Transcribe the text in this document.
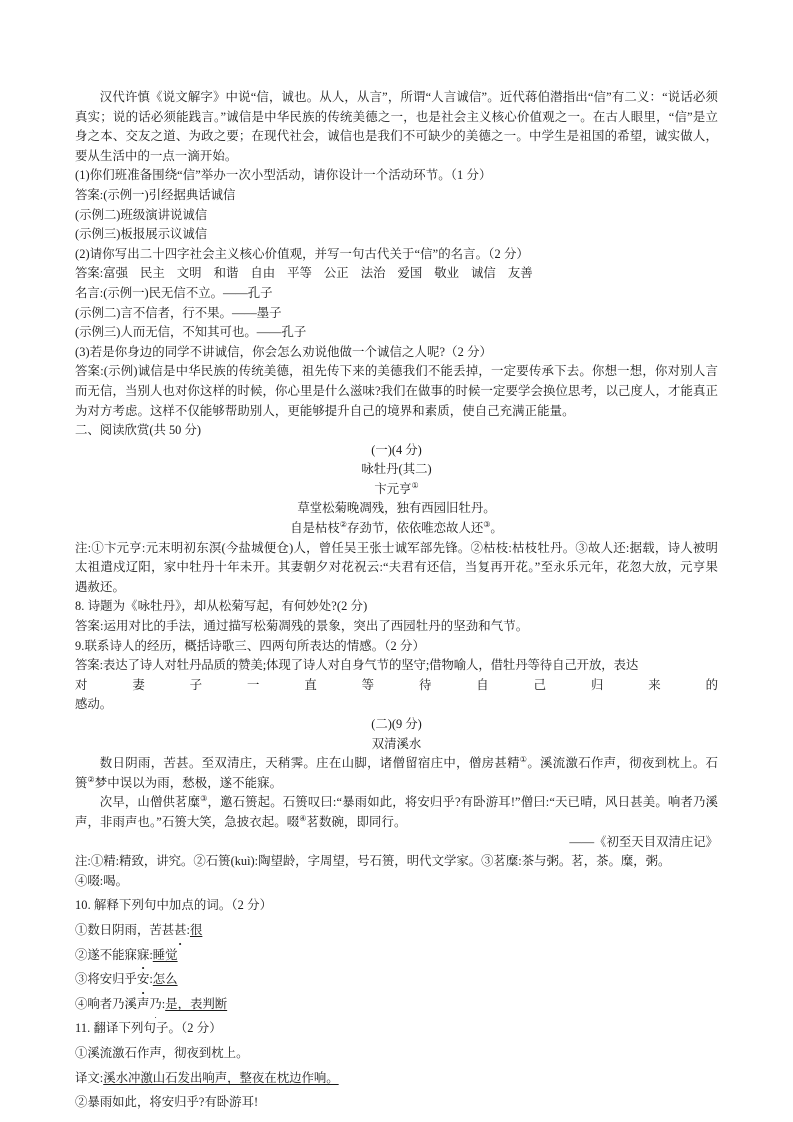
汉代许慎《说文解字》中说“信，诚也。从人，从言”，所谓“人言诚信”。近代蒋伯潜指出“信”有二义：“说话必须真实；说的话必须能践言。”诚信是中华民族的传统美德之一，也是社会主义核心价值观之一。在古人眼里，“信”是立身之本、交友之道、为政之要；在现代社会，诚信也是我们不可缺少的美德之一。中学生是祖国的希望，诚实做人，要从生活中的一点一滴开始。

(1)你们班准备围绕“信”举办一次小型活动，请你设计一个活动环节。（1 分）

答案:(示例一)引经据典话诚信

(示例二)班级演讲说诚信

(示例三)板报展示议诚信

(2)请你写出二十四字社会主义核心价值观，并写一句古代关于“信”的名言。（2 分）

答案:富强 民主 文明 和谐 自由 平等 公正 法治 爱国 敬业 诚信 友善

名言:(示例一)民无信不立。——孔子

(示例二)言不信者，行不果。——墨子

(示例三)人而无信，不知其可也。——孔子

(3)若是你身边的同学不讲诚信，你会怎么劝说他做一个诚信之人呢?（2 分）

答案:(示例)诚信是中华民族的传统美德，祖先传下来的美德我们不能丢掉，一定要传承下去。你想一想，你对别人言而无信，当别人也对你这样的时候，你心里是什么滋味?我们在做事的时候一定要学会换位思考，以己度人，才能真正为对方考虑。这样不仅能够帮助别人，更能够提升自己的境界和素质，使自己充满正能量。

二、阅读欣赏(共 50 分)

(一)(4 分)

咏牡丹(其二)

卞元亨①

草堂松菊晚凋残，独有西园旧牡丹。

自是枯枝②存劲节，依依唯恋故人还③。

注:①卞元亨:元末明初东溟(今盐城便仓)人，曾任吴王张士诚军部先锋。②枯枝:枯枝牡丹。③故人还:据载，诗人被明太祖遣戍辽阳，家中牡丹十年未开。其妻朝夕对花祝云:“夫君有还信，当复再开花。”至永乐元年，花忽大放，元亨果遇赦还。

8. 诗题为《咏牡丹》，却从松菊写起，有何妙处?(2 分)

答案:运用对比的手法，通过描写松菊凋残的景象，突出了西园牡丹的坚劲和气节。

9.联系诗人的经历，概括诗歌三、四两句所表达的情感。（2 分）

答案:表达了诗人对牡丹品质的赞美;体现了诗人对自身气节的坚守;借物喻人，借牡丹等待自己开放，表达

对	妻	子	一	直	等	待	自	己	归	来	的

感动。

(二)(9 分)

双清溪水

数日阴雨，苦甚。至双清庄，天稍霁。庄在山脚，诸僧留宿庄中，僧房甚精①。溪流激石作声，彻夜到枕上。石篑②梦中误以为雨，愁极，遂不能寐。

次早，山僧供茗糜③，邀石篑起。石篑叹曰:“暴雨如此，将安归乎?有卧游耳!”僧曰:“天已晴，风日甚美。响者乃溪声，非雨声也。”石篑大笑，急披衣起。啜④茗数碗，即同行。

——《初至天目双清庄记》

注:①精:精致，讲究。②石篑(kuì):陶望龄，字周望，号石篑，明代文学家。③茗糜:茶与粥。茗，茶。糜，粥。

④啜:喝。

10. 解释下列句中加点的词。（2 分）

①数日阴雨，苦甚甚:很

②遂不能寐寐:睡觉

③将安归乎安:怎么

④响者乃溪声乃:是，表判断

11. 翻译下列句子。（2 分）

①溪流激石作声，彻夜到枕上。

译文:溪水冲激山石发出响声，整夜在枕边作响。

②暴雨如此，将安归乎?有卧游耳!
